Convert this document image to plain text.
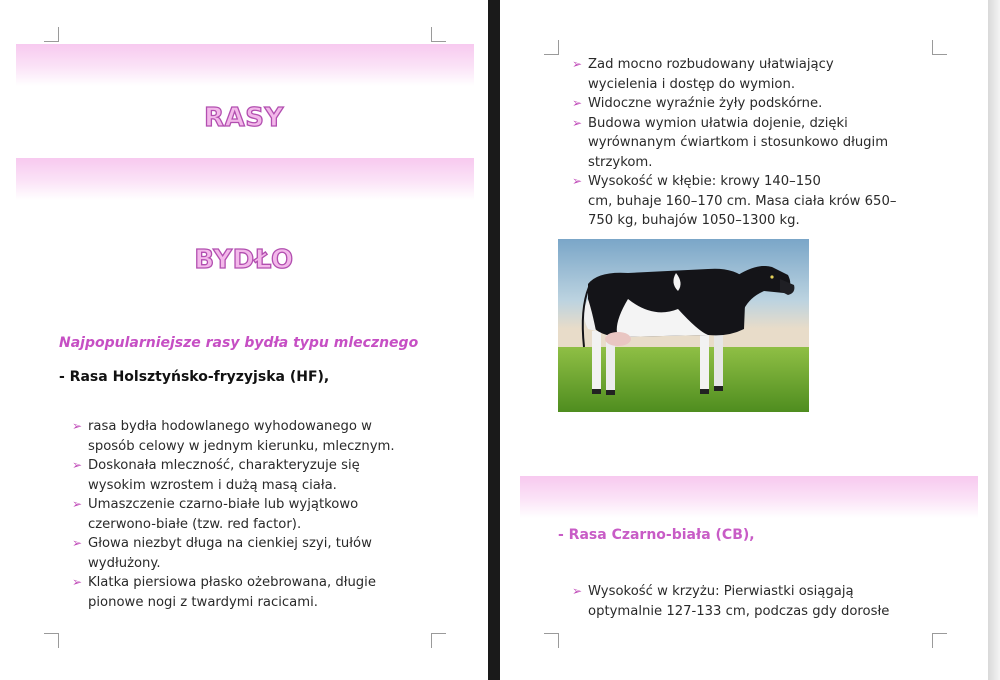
RASY
BYDŁO
Najpopularniejsze rasy bydła typu mlecznego
- Rasa Holsztyńsko-fryzyjska (HF),
➢ rasa bydła hodowlanego wyhodowanego w
sposób celowy w jednym kierunku, mlecznym.
➢ Doskonała mleczność, charakteryzuje się
wysokim wzrostem i dużą masą ciała.
➢ Umaszczenie czarno-białe lub wyjątkowo
czerwono-białe (tzw. red factor).
➢ Głowa niezbyt długa na cienkiej szyi, tułów
wydłużony.
➢ Klatka piersiowa płasko ożebrowana, długie
pionowe nogi z twardymi racicami.
➢ Zad mocno rozbudowany ułatwiający
wycielenia i dostęp do wymion.
➢ Widoczne wyraźnie żyły podskórne.
➢ Budowa wymion ułatwia dojenie, dzięki
wyrównanym ćwiartkom i stosunkowo długim
strzykom.
➢ Wysokość w kłębie: krowy 140–150
cm, buhaje 160–170 cm. Masa ciała krów 650–
750 kg, buhajów 1050–1300 kg.
- Rasa Czarno-biała (CB),
➢ Wysokość w krzyżu: Pierwiastki osiągają
optymalnie 127-133 cm, podczas gdy dorosłe
